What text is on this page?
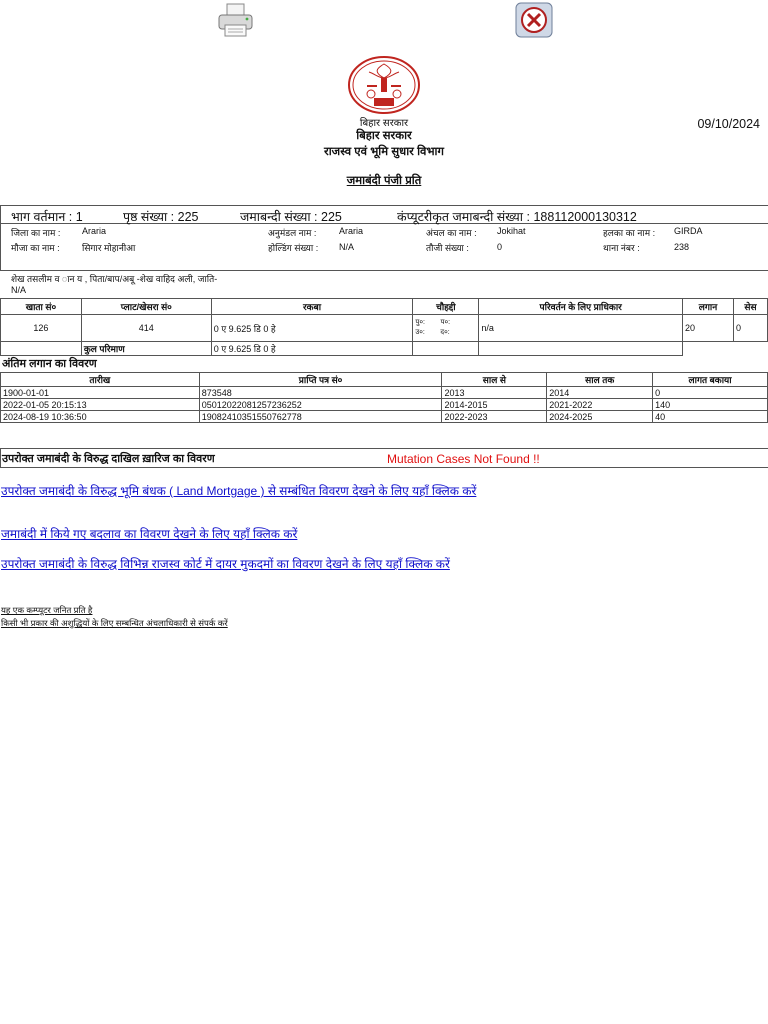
बिहार सरकार
बिहार सरकार
राजस्व एवं भूमि सुधार विभाग
जमाबंदी पंजी प्रति
09/10/2024
भाग वर्तमान : 1	पृष्ठ संख्या : 225	जमाबन्दी संख्या : 225	कंप्यूटरीकृत जमाबन्दी संख्या : 188112000130312
जिला का नाम : Araria	अनुमंडल नाम :	Araria	अंचल का नाम : Jokihat	हलका का नाम : GIRDA
मौजा का नाम : सिगार मोहानीआ	होल्डिंग संख्या : N/A	तौजी संख्या :	0	थाना नंबर :	238
शेख तसलीम व ान य , पिता/बाप/अबू -शेख वाहिद अली, जाति-
N/A
खाता सं०	प्लाट/खेसरा सं०	रकबा	चौहद्दी	परिवर्तन के लिए प्राधिकार	लगान	सेस
126	414	0 ए 9.625 डि 0 हे	पु०: प०:
उ०: द०:	n/a	20	0
	कुल परिमाण	0 ए 9.625 डि 0 हे				
अंतिम लगान का विवरण
तारीख	प्राप्ति पत्र सं०	साल से	साल तक	लागत बकाया
1900-01-01	873548	2013	2014	0
2022-01-05 20:15:13	05012022081257236252	2014-2015	2021-2022	140
2024-08-19 10:36:50	19082410351550762778	2022-2023	2024-2025	40
उपरोक्त जमाबंदी के विरुद्ध दाखिल ख़ारिज का विवरण	Mutation Cases Not Found !!
उपरोक्त जमाबंदी के विरुद्ध भूमि बंधक ( Land Mortgage ) से सम्बंधित विवरण देखने के लिए यहाँ क्लिक करें
जमाबंदी में किये गए बदलाव का विवरण देखने के लिए यहाँ क्लिक करें
उपरोक्त जमाबंदी के विरुद्ध विभिन्न राजस्व कोर्ट में दायर मुकदमों का विवरण देखने के लिए यहाँ क्लिक करें
यह एक कम्प्यूटर जनित प्रति है
किसी भी प्रकार की अशुद्धियों के लिए सम्बन्धित अंचलाधिकारी से संपर्क करें
